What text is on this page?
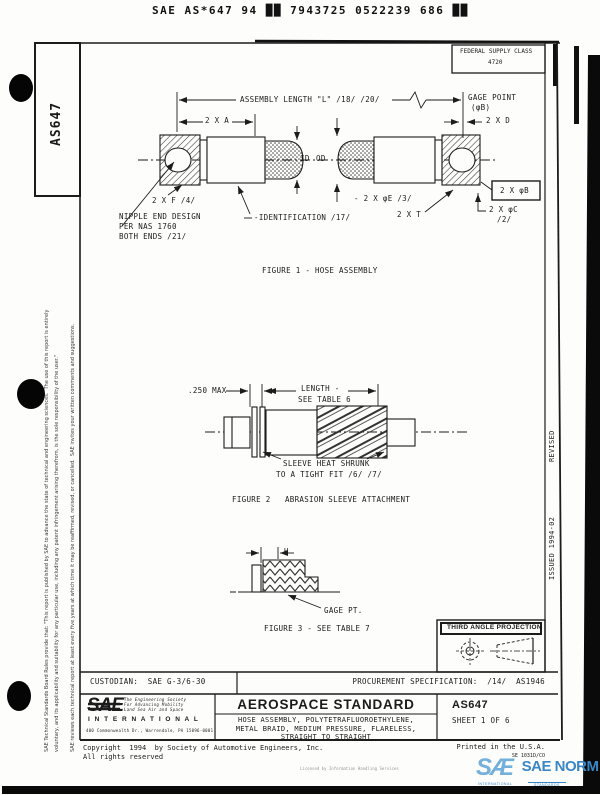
SAE AS*647 94 ██ 7943725 0522239 686 ██
FEDERAL SUPPLY CLASS
4720
AS647
SAE Technical Standards Board Rules provide that: "This report is published by SAE to advance the state of technical and engineering sciences.  The use of this report is entirely voluntary, and its applicability and suitability for any particular use, including any patent infringement arising therefrom, is the sole responsibility of the user." SAE reviews each technical report at least every five years at which time it may be reaffirmed, revised, or cancelled.  SAE invites your written comments and suggestions.	REVISED
ISSUED 1994-02
ASSEMBLY LENGTH "L" /18/ /20/	GAGE POINT
(φB)
2 X A	2 X D
ID OD
2 X φB
2 X φC
/2/
- 2 X φE /3/
2 X T
2 X F /4/
NIPPLE END DESIGN
PER NAS 1760
BOTH ENDS /21/
-IDENTIFICATION /17/
FIGURE 1 - HOSE ASSEMBLY
.250 MAX	LENGTH -
SEE TABLE 6
SLEEVE HEAT SHRUNK
TO A TIGHT FIT /6/ /7/
FIGURE 2   ABRASION SLEEVE ATTACHMENT
H
GAGE PT.
FIGURE 3 - SEE TABLE 7	THIRD ANGLE PROJECTION
CUSTODIAN:  SAE G-3/6-30	PROCUREMENT SPECIFICATION:  /14/  AS1946
SAE The Engineering Society
For Advancing Mobility
Land Sea Air and Space
I N T E R N A T I O N A L
400 Commonwealth Dr., Warrendale, PA 15096-0001
AEROSPACE STANDARD
HOSE ASSEMBLY, POLYTETRAFLUOROETHYLENE,
METAL BRAID, MEDIUM PRESSURE, FLARELESS,
STRAIGHT TO STRAIGHT
AS647
SHEET 1 OF 6
Copyright  1994  by Society of Automotive Engineers, Inc.
All rights reserved
Printed in the U.S.A.
SE 1031D/CO
Licensed by Information Handling Services	SÆ SAE NORM
INTERNATIONAL	STANDARDS
